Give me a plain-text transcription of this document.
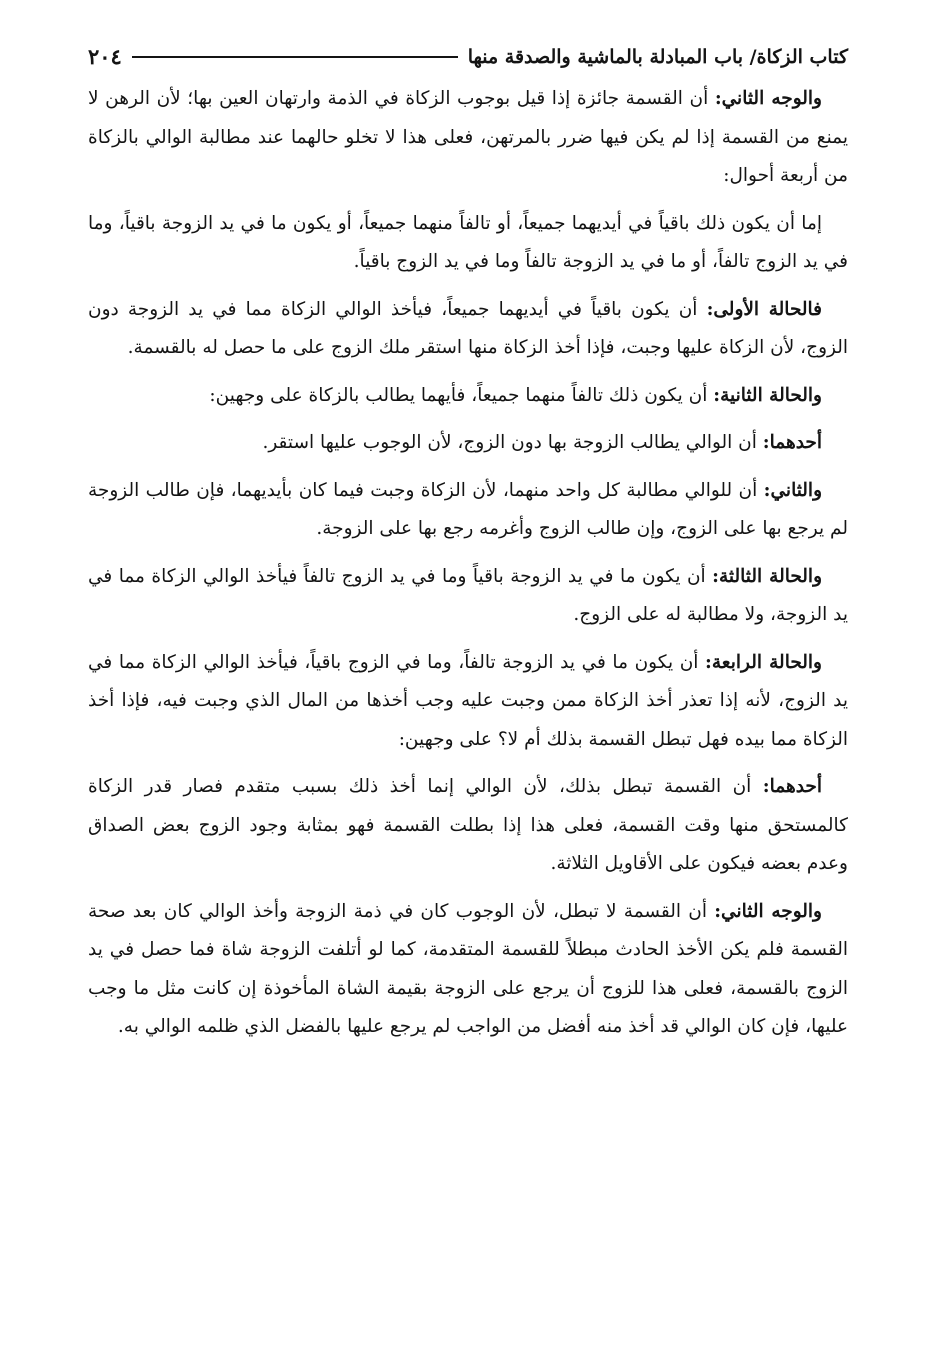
كتاب الزكاة/ باب المبادلة بالماشية والصدقة منها
٢٠٤

والوجه الثاني: أن القسمة جائزة إذا قيل بوجوب الزكاة في الذمة وارتهان العين بها؛ لأن الرهن لا يمنع من القسمة إذا لم يكن فيها ضرر بالمرتهن، فعلى هذا لا تخلو حالهما عند مطالبة الوالي بالزكاة من أربعة أحوال:

إما أن يكون ذلك باقياً في أيديهما جميعاً، أو تالفاً منهما جميعاً، أو يكون ما في يد الزوجة باقياً، وما في يد الزوج تالفاً، أو ما في يد الزوجة تالفاً وما في يد الزوج باقياً.

فالحالة الأولى: أن يكون باقياً في أيديهما جميعاً، فيأخذ الوالي الزكاة مما في يد الزوجة دون الزوج، لأن الزكاة عليها وجبت، فإذا أخذ الزكاة منها استقر ملك الزوج على ما حصل له بالقسمة.

والحالة الثانية: أن يكون ذلك تالفاً منهما جميعاً، فأيهما يطالب بالزكاة على وجهين:

أحدهما: أن الوالي يطالب الزوجة بها دون الزوج، لأن الوجوب عليها استقر.

والثاني: أن للوالي مطالبة كل واحد منهما، لأن الزكاة وجبت فيما كان بأيديهما، فإن طالب الزوجة لم يرجع بها على الزوج، وإن طالب الزوج وأغرمه رجع بها على الزوجة.

والحالة الثالثة: أن يكون ما في يد الزوجة باقياً وما في يد الزوج تالفاً فيأخذ الوالي الزكاة مما في يد الزوجة، ولا مطالبة له على الزوج.

والحالة الرابعة: أن يكون ما في يد الزوجة تالفاً، وما في الزوج باقياً، فيأخذ الوالي الزكاة مما في يد الزوج، لأنه إذا تعذر أخذ الزكاة ممن وجبت عليه وجب أخذها من المال الذي وجبت فيه، فإذا أخذ الزكاة مما بيده فهل تبطل القسمة بذلك أم لا؟ على وجهين:

أحدهما: أن القسمة تبطل بذلك، لأن الوالي إنما أخذ ذلك بسبب متقدم فصار قدر الزكاة كالمستحق منها وقت القسمة، فعلى هذا إذا بطلت القسمة فهو بمثابة وجود الزوج بعض الصداق وعدم بعضه فيكون على الأقاويل الثلاثة.

والوجه الثاني: أن القسمة لا تبطل، لأن الوجوب كان في ذمة الزوجة وأخذ الوالي كان بعد صحة القسمة فلم يكن الأخذ الحادث مبطلاً للقسمة المتقدمة، كما لو أتلفت الزوجة شاة فما حصل في يد الزوج بالقسمة، فعلى هذا للزوج أن يرجع على الزوجة بقيمة الشاة المأخوذة إن كانت مثل ما وجب عليها، فإن كان الوالي قد أخذ منه أفضل من الواجب لم يرجع عليها بالفضل الذي ظلمه الوالي به.
